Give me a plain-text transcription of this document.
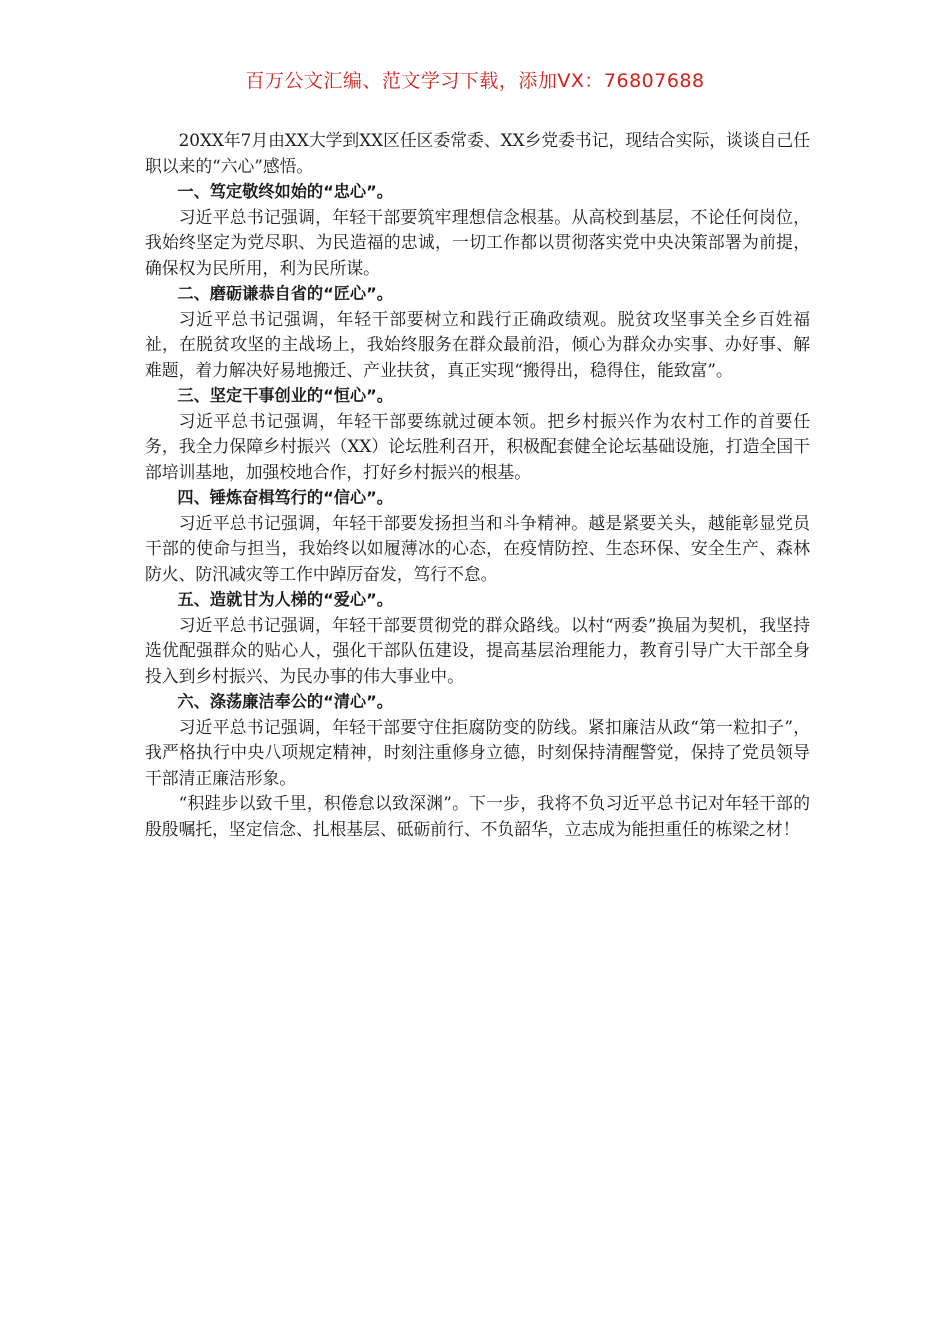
百万公文汇编、范文学习下载，添加VX：76807688

20XX年7月由XX大学到XX区任区委常委、XX乡党委书记，现结合实际，谈谈自己任职以来的“六心”感悟。

一、笃定敬终如始的“忠心”。

习近平总书记强调，年轻干部要筑牢理想信念根基。从高校到基层，不论任何岗位，我始终坚定为党尽职、为民造福的忠诚，一切工作都以贯彻落实党中央决策部署为前提，确保权为民所用，利为民所谋。

二、磨砺谦恭自省的“匠心”。

习近平总书记强调，年轻干部要树立和践行正确政绩观。脱贫攻坚事关全乡百姓福祉，在脱贫攻坚的主战场上，我始终服务在群众最前沿，倾心为群众办实事、办好事、解难题，着力解决好易地搬迁、产业扶贫，真正实现“搬得出，稳得住，能致富”。

三、坚定干事创业的“恒心”。

习近平总书记强调，年轻干部要练就过硬本领。把乡村振兴作为农村工作的首要任务，我全力保障乡村振兴（XX）论坛胜利召开，积极配套健全论坛基础设施，打造全国干部培训基地，加强校地合作，打好乡村振兴的根基。

四、锤炼奋楫笃行的“信心”。

习近平总书记强调，年轻干部要发扬担当和斗争精神。越是紧要关头，越能彰显党员干部的使命与担当，我始终以如履薄冰的心态，在疫情防控、生态环保、安全生产、森林防火、防汛减灾等工作中踔厉奋发，笃行不怠。

五、造就甘为人梯的“爱心”。

习近平总书记强调，年轻干部要贯彻党的群众路线。以村“两委”换届为契机，我坚持选优配强群众的贴心人，强化干部队伍建设，提高基层治理能力，教育引导广大干部全身投入到乡村振兴、为民办事的伟大事业中。

六、涤荡廉洁奉公的“清心”。

习近平总书记强调，年轻干部要守住拒腐防变的防线。紧扣廉洁从政“第一粒扣子”，我严格执行中央八项规定精神，时刻注重修身立德，时刻保持清醒警觉，保持了党员领导干部清正廉洁形象。

“积跬步以致千里，积倦怠以致深渊”。下一步，我将不负习近平总书记对年轻干部的殷殷嘱托，坚定信念、扎根基层、砥砺前行、不负韶华，立志成为能担重任的栋梁之材！
